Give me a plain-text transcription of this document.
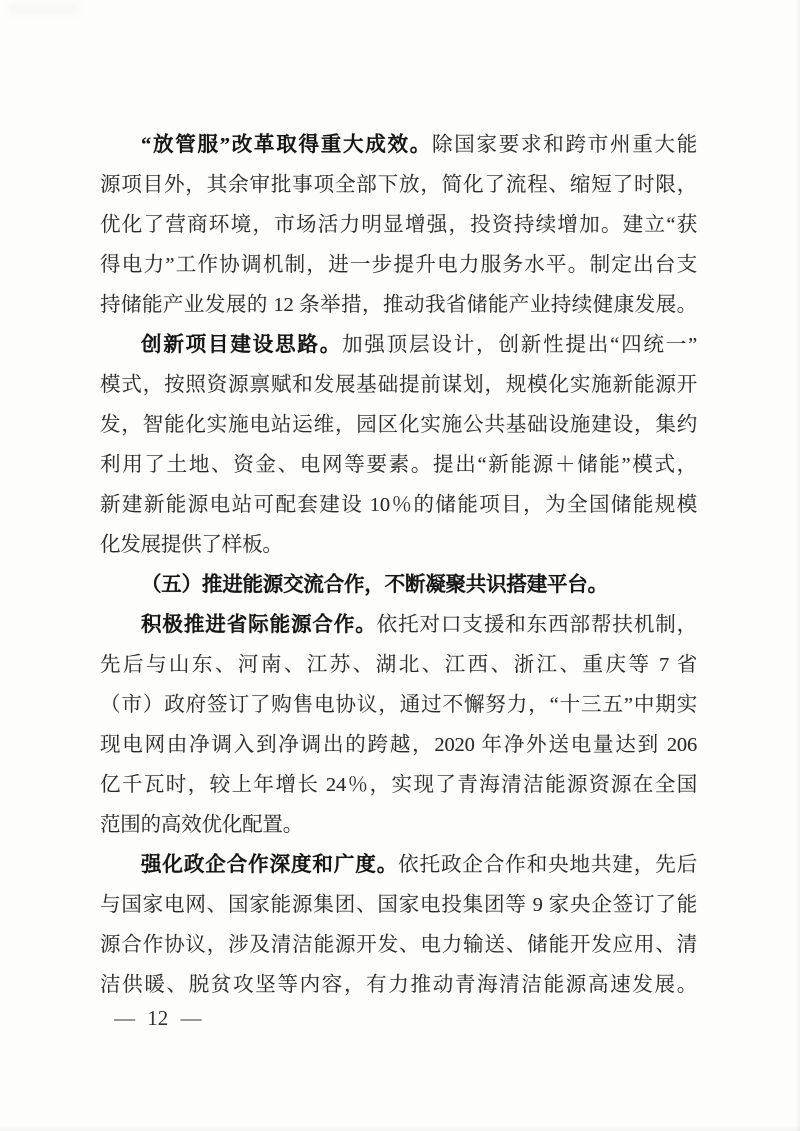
“放管服”改革取得重大成效。除国家要求和跨市州重大能
源项目外，其余审批事项全部下放，简化了流程、缩短了时限，
优化了营商环境，市场活力明显增强，投资持续增加。建立“获
得电力”工作协调机制，进一步提升电力服务水平。制定出台支
持储能产业发展的 12 条举措，推动我省储能产业持续健康发展。
创新项目建设思路。加强顶层设计，创新性提出“四统一”
模式，按照资源禀赋和发展基础提前谋划，规模化实施新能源开
发，智能化实施电站运维，园区化实施公共基础设施建设，集约
利用了土地、资金、电网等要素。提出“新能源＋储能”模式，
新建新能源电站可配套建设 10％的储能项目，为全国储能规模
化发展提供了样板。
（五）推进能源交流合作，不断凝聚共识搭建平台。
积极推进省际能源合作。依托对口支援和东西部帮扶机制，
先后与山东、河南、江苏、湖北、江西、浙江、重庆等 7 省
（市）政府签订了购售电协议，通过不懈努力，“十三五”中期实
现电网由净调入到净调出的跨越，2020 年净外送电量达到 206
亿千瓦时，较上年增长 24％，实现了青海清洁能源资源在全国
范围的高效优化配置。
强化政企合作深度和广度。依托政企合作和央地共建，先后
与国家电网、国家能源集团、国家电投集团等 9 家央企签订了能
源合作协议，涉及清洁能源开发、电力输送、储能开发应用、清
洁供暖、脱贫攻坚等内容，有力推动青海清洁能源高速发展。
— 12 —
